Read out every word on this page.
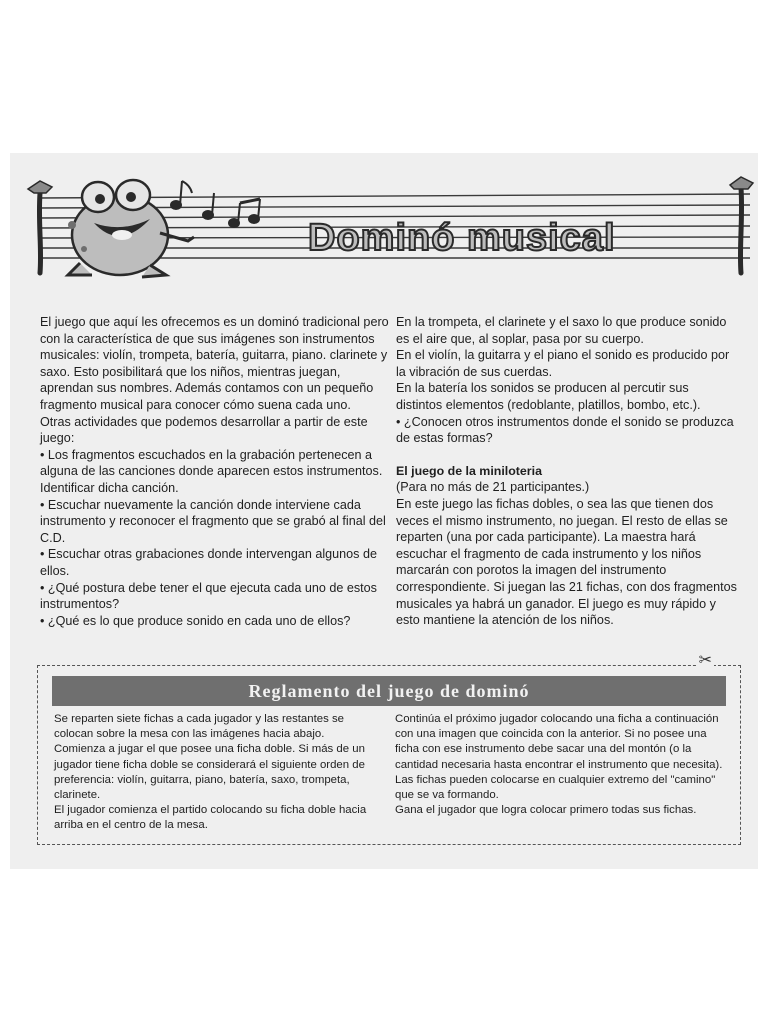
Dominó musical

El juego que aquí les ofrecemos es un dominó tradicional pero con la característica de que sus imágenes son instrumentos musicales: violín, trompeta, batería, guitarra, piano. clarinete y saxo. Esto posibilitará que los niños, mientras juegan, aprendan sus nombres. Además contamos con un pequeño fragmento musical para conocer cómo suena cada uno.

Otras actividades que podemos desarrollar a partir de este juego:

• Los fragmentos escuchados en la grabación pertenecen a alguna de las canciones donde aparecen estos instrumentos. Identificar dicha canción.

• Escuchar nuevamente la canción donde interviene cada instrumento y reconocer el fragmento que se grabó al final del C.D.

• Escuchar otras grabaciones donde intervengan algunos de ellos.

• ¿Qué postura debe tener el que ejecuta cada uno de estos instrumentos?

• ¿Qué es lo que produce sonido en cada uno de ellos?

En la trompeta, el clarinete y el saxo lo que produce sonido es el aire que, al soplar, pasa por su cuerpo.

En el violín, la guitarra y el piano el sonido es producido por la vibración de sus cuerdas.

En la batería los sonidos se producen al percutir sus distintos elementos (redoblante, platillos, bombo, etc.).

• ¿Conocen otros instrumentos donde el sonido se produzca de estas formas?

El juego de la miniloteria

(Para no más de 21 participantes.)

En este juego las fichas dobles, o sea las que tienen dos veces el mismo instrumento, no juegan. El resto de ellas se reparten (una por cada participante). La maestra hará escuchar el fragmento de cada instrumento y los niños marcarán con porotos la imagen del instrumento correspondiente. Si juegan las 21 fichas, con dos fragmentos musicales ya habrá un ganador. El juego es muy rápido y esto mantiene la atención de los niños.

✂
Reglamento del juego de dominó

Se reparten siete fichas a cada jugador y las restantes se colocan sobre la mesa con las imágenes hacia abajo.

Comienza a jugar el que posee una ficha doble. Si más de un jugador tiene ficha doble se considerará el siguiente orden de preferencia: violín, guitarra, piano, batería, saxo, trompeta, clarinete.

El jugador comienza el partido colocando su ficha doble hacia arriba en el centro de la mesa.

Continúa el próximo jugador colocando una ficha a continuación con una imagen que coincida con la anterior. Si no posee una ficha con ese instrumento debe sacar una del montón (o la cantidad necesaria hasta encontrar el instrumento que necesita).

Las fichas pueden colocarse en cualquier extremo del "camino" que se va formando.

Gana el jugador que logra colocar primero todas sus fichas.
